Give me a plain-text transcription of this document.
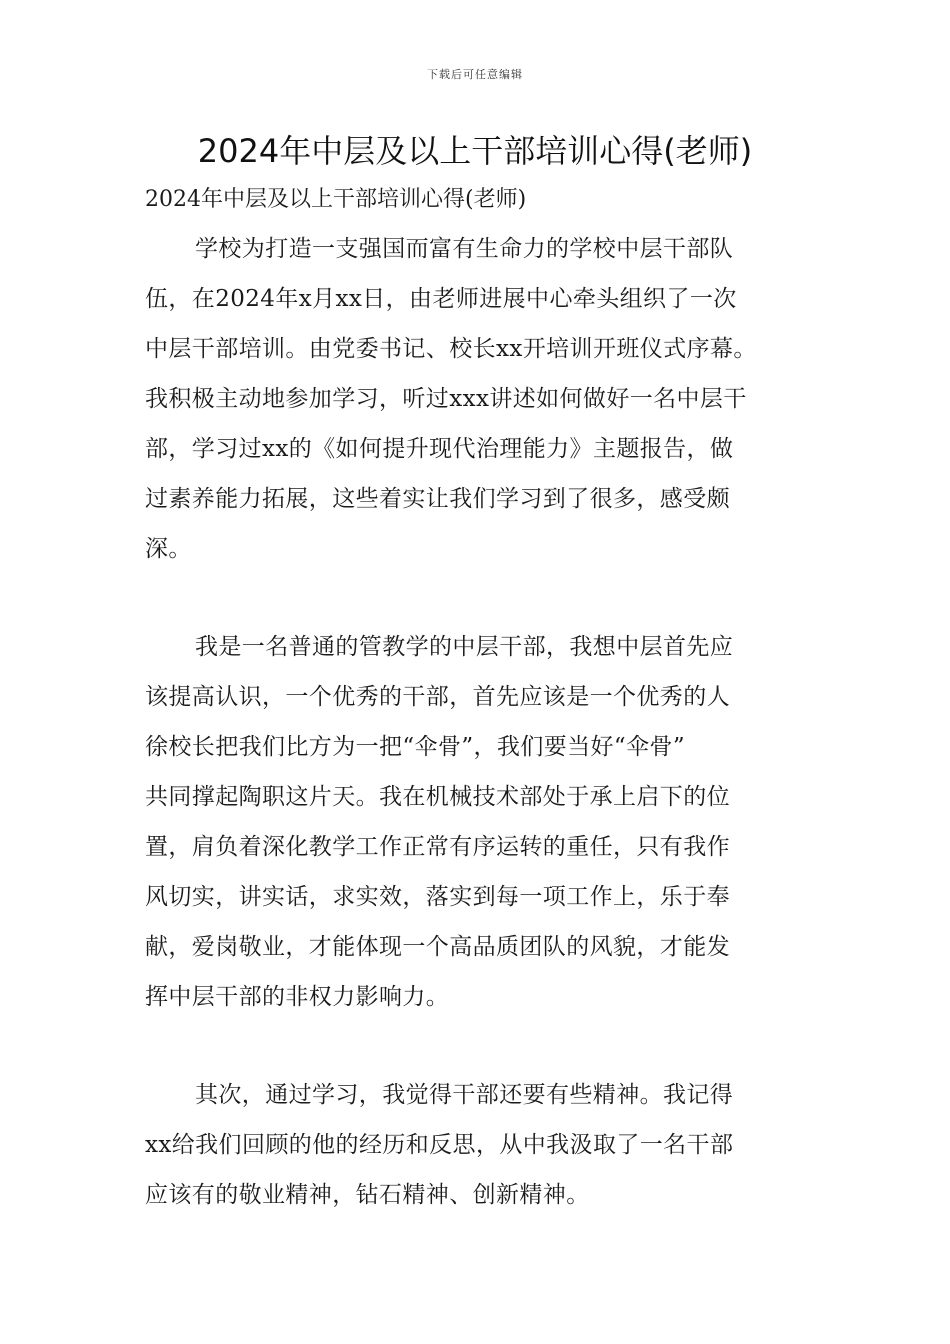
下载后可任意编辑
2024年中层及以上干部培训心得(老师)
2024年中层及以上干部培训心得(老师)
学校为打造一支强国而富有生命力的学校中层干部队
伍，在2024年x月xx日，由老师进展中心牵头组织了一次
中层干部培训。由党委书记、校长xx开培训开班仪式序幕。
我积极主动地参加学习，听过xxx讲述如何做好一名中层干
部，学习过xx的《如何提升现代治理能力》主题报告，做
过素养能力拓展，这些着实让我们学习到了很多，感受颇
深。
我是一名普通的管教学的中层干部，我想中层首先应
该提高认识，一个优秀的干部，首先应该是一个优秀的人
徐校长把我们比方为一把“伞骨”，我们要当好“伞骨”
共同撑起陶职这片天。我在机械技术部处于承上启下的位
置，肩负着深化教学工作正常有序运转的重任，只有我作
风切实，讲实话，求实效，落实到每一项工作上，乐于奉
献，爱岗敬业，才能体现一个高品质团队的风貌，才能发
挥中层干部的非权力影响力。
其次，通过学习，我觉得干部还要有些精神。我记得
xx给我们回顾的他的经历和反思，从中我汲取了一名干部
应该有的敬业精神，钻石精神、创新精神。
